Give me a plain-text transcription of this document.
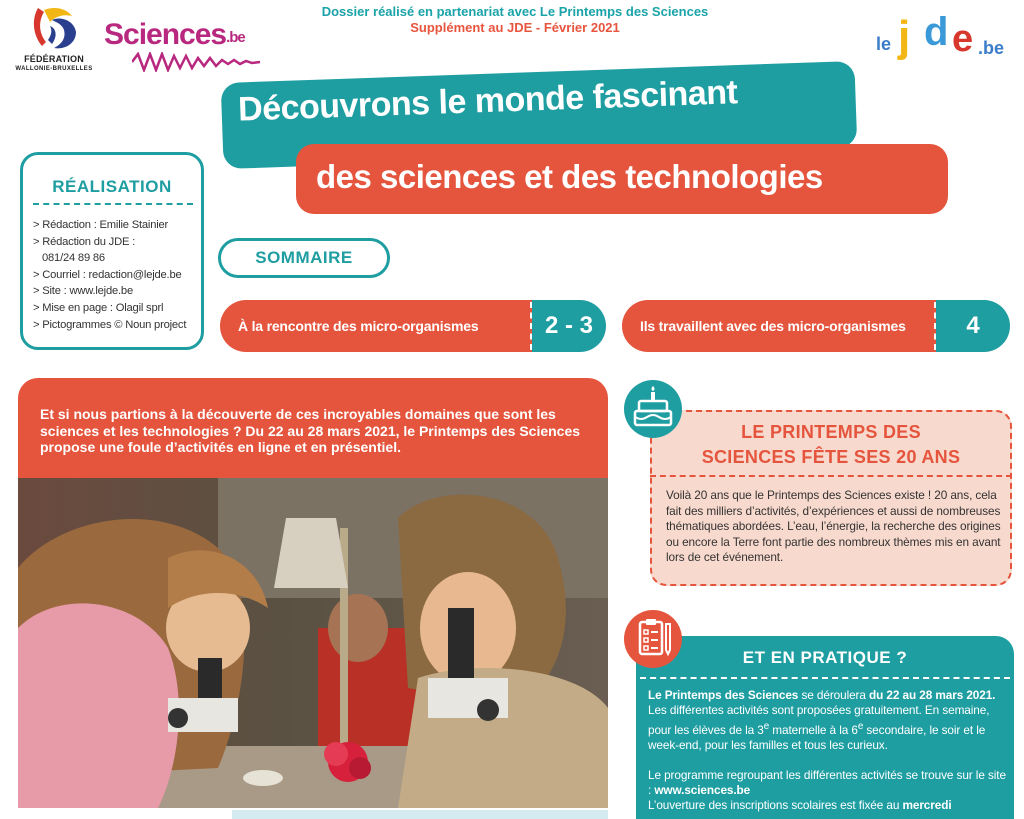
FÉDÉRATION
WALLONIE-BRUXELLES
Sciences.be
Dossier réalisé en partenariat avec Le Printemps des Sciences
Supplément au JDE - Février 2021
le j d e .be
Découvrons le monde fascinant
des sciences et des technologies
RÉALISATION
> Rédaction : Emilie Stainier
> Rédaction du JDE :
081/24 89 86
> Courriel : redaction@lejde.be
> Site : www.lejde.be
> Mise en page : Olagil sprl
> Pictogrammes © Noun project
SOMMAIRE
À la rencontre des micro-organismes	2 - 3	Ils travaillent avec des micro-organismes	4
Et si nous partions à la découverte de ces incroyables domaines que sont les sciences et les technologies ? Du 22 au 28 mars 2021, le Printemps des Sciences propose une foule d’activités en ligne et en présentiel.
LE PRINTEMPS DES
SCIENCES FÊTE SES 20 ANS
Voilà 20 ans que le Printemps des Sciences existe ! 20 ans, cela fait des milliers d’activités, d’expériences et aussi de nombreuses thématiques abordées. L’eau, l’énergie, la recherche des origines ou encore la Terre font partie des nombreux thèmes mis en avant lors de cet événement.
ET EN PRATIQUE ?

Le Printemps des Sciences se déroulera du 22 au 28 mars 2021. Les différentes activités sont proposées gratuitement. En semaine, pour les élèves de la 3e maternelle à la 6e secondaire, le soir et le week-end, pour les familles et tous les curieux.

Le programme regroupant les différentes activités se trouve sur le site : www.sciences.be

L’ouverture des inscriptions scolaires est fixée au mercredi
